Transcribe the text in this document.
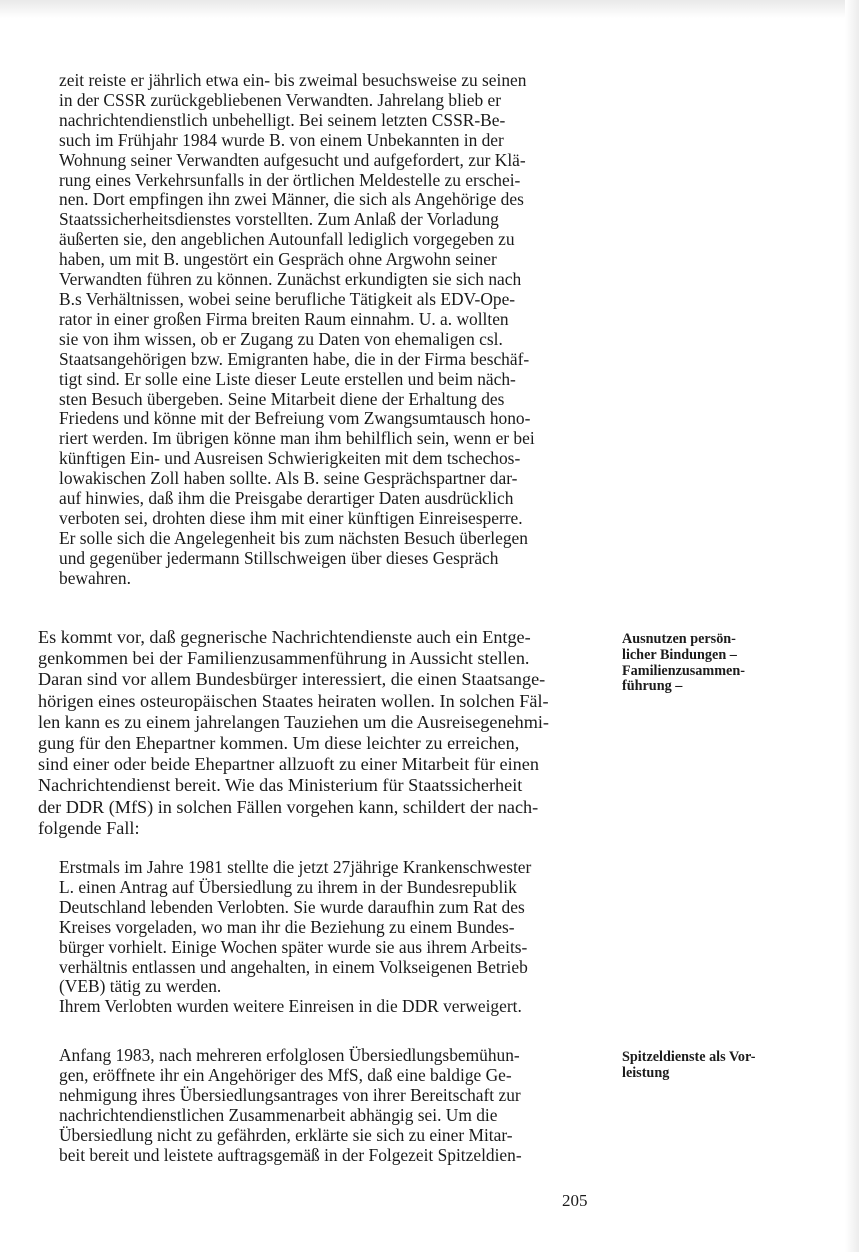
zeit reiste er jährlich etwa ein- bis zweimal besuchsweise zu seinen
in der CSSR zurückgebliebenen Verwandten. Jahrelang blieb er
nachrichtendienstlich unbehelligt. Bei seinem letzten CSSR-Be-
such im Frühjahr 1984 wurde B. von einem Unbekannten in der
Wohnung seiner Verwandten aufgesucht und aufgefordert, zur Klä-
rung eines Verkehrsunfalls in der örtlichen Meldestelle zu erschei-
nen. Dort empfingen ihn zwei Männer, die sich als Angehörige des
Staatssicherheitsdienstes vorstellten. Zum Anlaß der Vorladung
äußerten sie, den angeblichen Autounfall lediglich vorgegeben zu
haben, um mit B. ungestört ein Gespräch ohne Argwohn seiner
Verwandten führen zu können. Zunächst erkundigten sie sich nach
B.s Verhältnissen, wobei seine berufliche Tätigkeit als EDV-Ope-
rator in einer großen Firma breiten Raum einnahm. U. a. wollten
sie von ihm wissen, ob er Zugang zu Daten von ehemaligen csl.
Staatsangehörigen bzw. Emigranten habe, die in der Firma beschäf-
tigt sind. Er solle eine Liste dieser Leute erstellen und beim näch-
sten Besuch übergeben. Seine Mitarbeit diene der Erhaltung des
Friedens und könne mit der Befreiung vom Zwangsumtausch hono-
riert werden. Im übrigen könne man ihm behilflich sein, wenn er bei
künftigen Ein- und Ausreisen Schwierigkeiten mit dem tschechos-
lowakischen Zoll haben sollte. Als B. seine Gesprächspartner dar-
auf hinwies, daß ihm die Preisgabe derartiger Daten ausdrücklich
verboten sei, drohten diese ihm mit einer künftigen Einreisesperre.
Er solle sich die Angelegenheit bis zum nächsten Besuch überlegen
und gegenüber jedermann Stillschweigen über dieses Gespräch
bewahren.

Es kommt vor, daß gegnerische Nachrichtendienste auch ein Entge-
genkommen bei der Familienzusammenführung in Aussicht stellen.
Daran sind vor allem Bundesbürger interessiert, die einen Staatsange-
hörigen eines osteuropäischen Staates heiraten wollen. In solchen Fäl-
len kann es zu einem jahrelangen Tauziehen um die Ausreisegenehmi-
gung für den Ehepartner kommen. Um diese leichter zu erreichen,
sind einer oder beide Ehepartner allzuoft zu einer Mitarbeit für einen
Nachrichtendienst bereit. Wie das Ministerium für Staatssicherheit
der DDR (MfS) in solchen Fällen vorgehen kann, schildert der nach-
folgende Fall:

Erstmals im Jahre 1981 stellte die jetzt 27jährige Krankenschwester
L. einen Antrag auf Übersiedlung zu ihrem in der Bundesrepublik
Deutschland lebenden Verlobten. Sie wurde daraufhin zum Rat des
Kreises vorgeladen, wo man ihr die Beziehung zu einem Bundes-
bürger vorhielt. Einige Wochen später wurde sie aus ihrem Arbeits-
verhältnis entlassen und angehalten, in einem Volkseigenen Betrieb
(VEB) tätig zu werden.
Ihrem Verlobten wurden weitere Einreisen in die DDR verweigert.

Anfang 1983, nach mehreren erfolglosen Übersiedlungsbemühun-
gen, eröffnete ihr ein Angehöriger des MfS, daß eine baldige Ge-
nehmigung ihres Übersiedlungsantrages von ihrer Bereitschaft zur
nachrichtendienstlichen Zusammenarbeit abhängig sei. Um die
Übersiedlung nicht zu gefährden, erklärte sie sich zu einer Mitar-
beit bereit und leistete auftragsgemäß in der Folgezeit Spitzeldien-

Ausnutzen persön-
licher Bindungen –
Familienzusammen-
führung –

Spitzeldienste als Vor-
leistung

205
